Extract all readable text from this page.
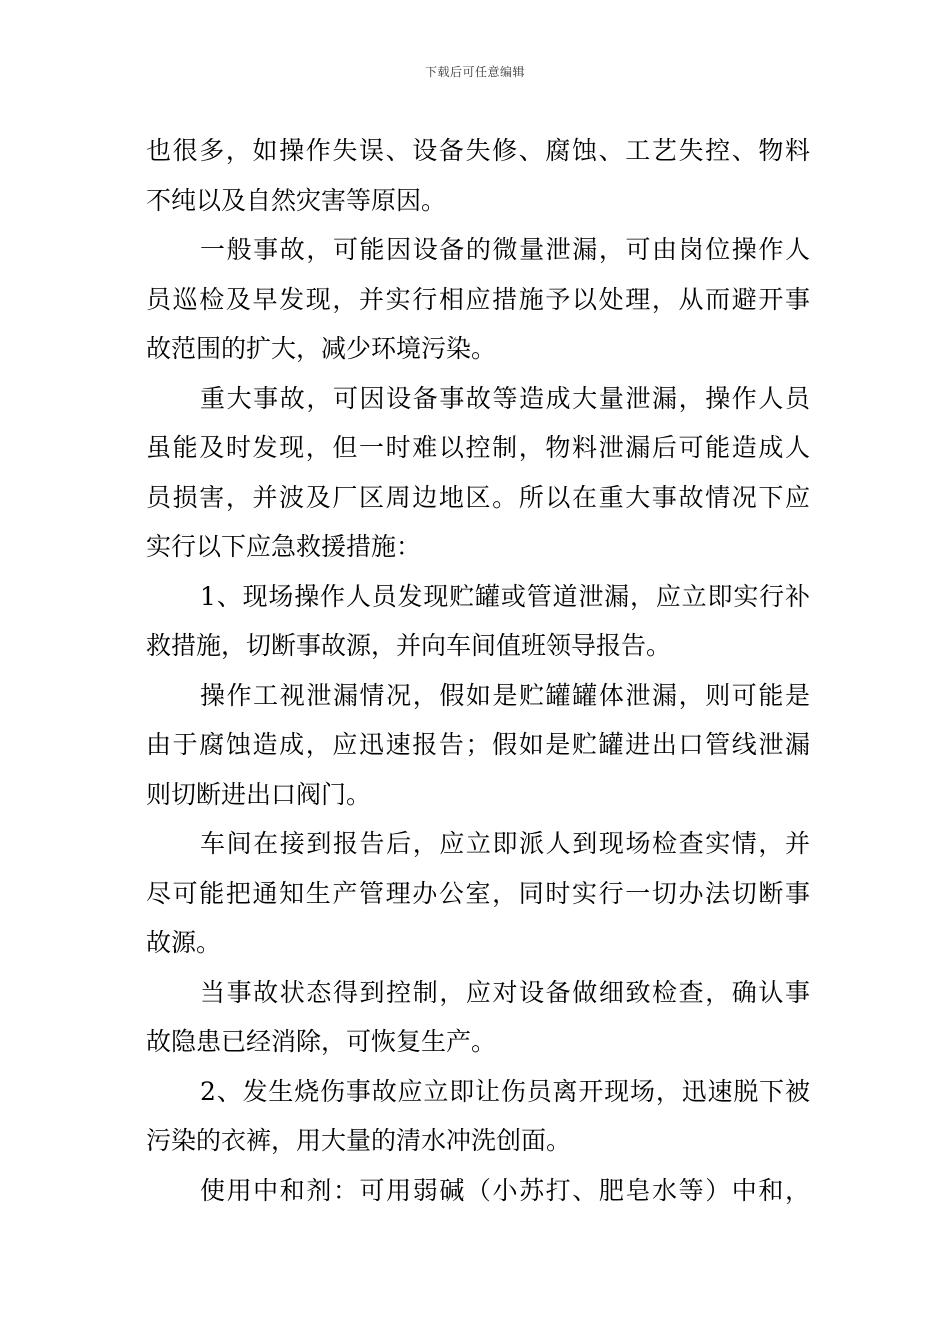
下载后可任意编辑
也很多，如操作失误、设备失修、腐蚀、工艺失控、物料
不纯以及自然灾害等原因。
一般事故，可能因设备的微量泄漏，可由岗位操作人
员巡检及早发现，并实行相应措施予以处理，从而避开事
故范围的扩大，减少环境污染。
重大事故，可因设备事故等造成大量泄漏，操作人员
虽能及时发现，但一时难以控制，物料泄漏后可能造成人
员损害，并波及厂区周边地区。所以在重大事故情况下应
实行以下应急救援措施：
1、现场操作人员发现贮罐或管道泄漏，应立即实行补
救措施，切断事故源，并向车间值班领导报告。
操作工视泄漏情况，假如是贮罐罐体泄漏，则可能是
由于腐蚀造成，应迅速报告；假如是贮罐进出口管线泄漏
则切断进出口阀门。
车间在接到报告后，应立即派人到现场检查实情，并
尽可能把通知生产管理办公室，同时实行一切办法切断事
故源。
当事故状态得到控制，应对设备做细致检查，确认事
故隐患已经消除，可恢复生产。
2、发生烧伤事故应立即让伤员离开现场，迅速脱下被
污染的衣裤，用大量的清水冲洗创面。
使用中和剂：可用弱碱（小苏打、肥皂水等）中和，
